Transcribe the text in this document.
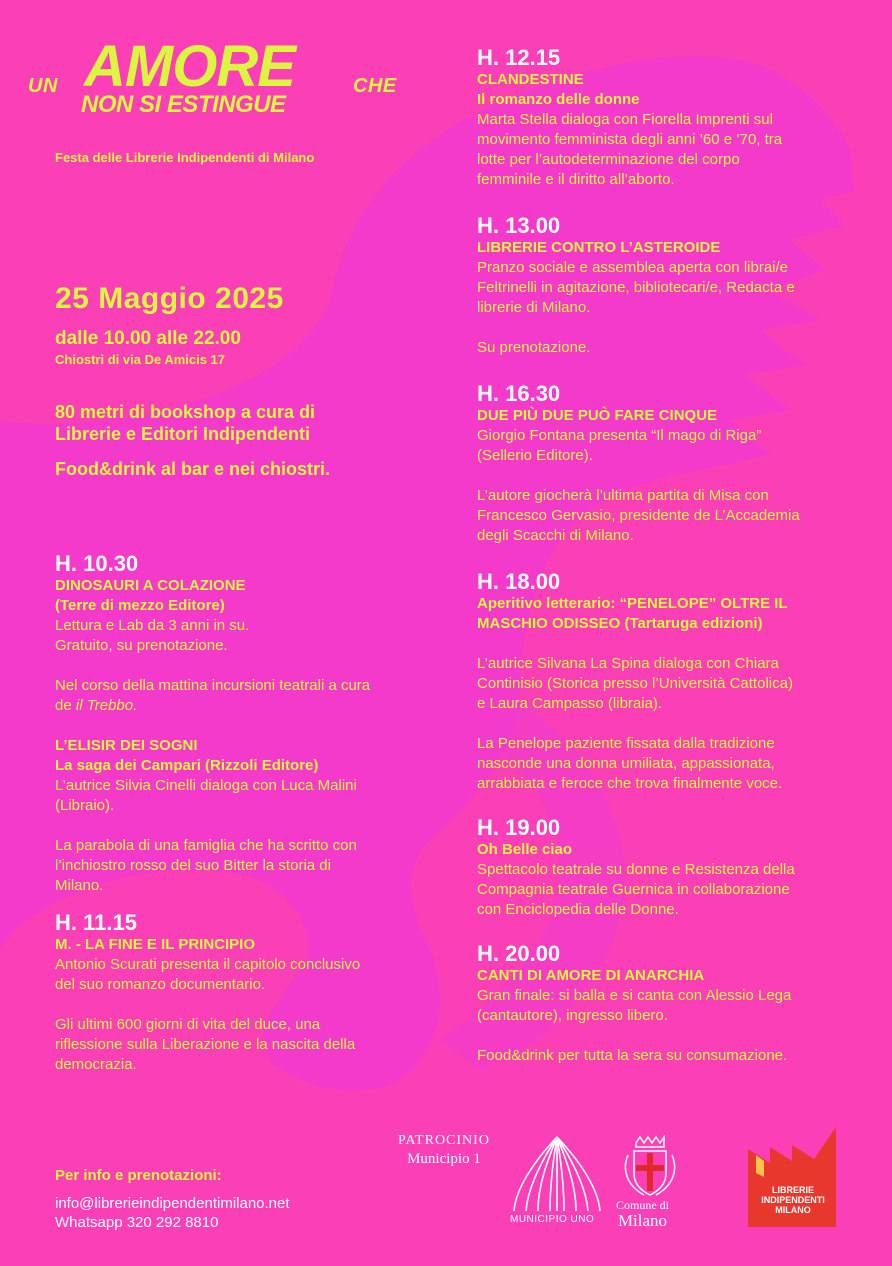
UN AMORE	CHE
NON SI ESTINGUE
Festa delle Librerie Indipendenti di Milano
25 Maggio 2025
dalle 10.00 alle 22.00
Chiostri di via De Amicis 17
80 metri di bookshop a cura di
Librerie e Editori Indipendenti
Food&drink al bar e nei chiostri.
H. 10.30
DINOSAURI A COLAZIONE
(Terre di mezzo Editore)
Lettura e Lab da 3 anni in su.
Gratuito, su prenotazione.
Nel corso della mattina incursioni teatrali a cura
de il Trebbo.
L’ELISIR DEI SOGNI
La saga dei Campari (Rizzoli Editore)
L’autrice Silvia Cinelli dialoga con Luca Malini
(Libraio).
La parabola di una famiglia che ha scritto con
l’inchiostro rosso del suo Bitter la storia di
Milano.
H. 11.15
M. - LA FINE E IL PRINCIPIO
Antonio Scurati presenta il capitolo conclusivo
del suo romanzo documentario.
Gli ultimi 600 giorni di vita del duce, una
riflessione sulla Liberazione e la nascita della
democrazia.
H. 12.15
CLANDESTINE
Il romanzo delle donne
Marta Stella dialoga con Fiorella Imprenti sul
movimento femminista degli anni ’60 e ’70, tra
lotte per l’autodeterminazione del corpo
femminile e il diritto all’aborto.
H. 13.00
LIBRERIE CONTRO L’ASTEROIDE
Pranzo sociale e assemblea aperta con librai/e
Feltrinelli in agitazione, bibliotecari/e, Redacta e
librerie di Milano.
Su prenotazione.
H. 16.30
DUE PIÙ DUE PUÒ FARE CINQUE
Giorgio Fontana presenta “Il mago di Riga”
(Sellerio Editore).
L’autore giocherà l’ultima partita di Misa con
Francesco Gervasio, presidente de L’Accademia
degli Scacchi di Milano.
H. 18.00
Aperitivo letterario: “PENELOPE” OLTRE IL
MASCHIO ODISSEO (Tartaruga edizioni)
L’autrice Silvana La Spina dialoga con Chiara
Continisio (Storica presso l’Università Cattolica)
e Laura Campasso (libraia).
La Penelope paziente fissata dalla tradizione
nasconde una donna umiliata, appassionata,
arrabbiata e feroce che trova finalmente voce.
H. 19.00
Oh Belle ciao
Spettacolo teatrale su donne e Resistenza della
Compagnia teatrale Guernica in collaborazione
con Enciclopedia delle Donne.
H. 20.00
CANTI DI AMORE DI ANARCHIA
Gran finale: si balla e si canta con Alessio Lega
(cantautore), ingresso libero.
Food&drink per tutta la sera su consumazione.
Per info e prenotazioni:
info@librerieindipendentimilano.net
Whatsapp 320 292 8810
PATROCINIO
Municipio 1
MUNICIPIO UNO
Comune di
Milano
LIBRERIE
INDIPENDENTI
MILANO
